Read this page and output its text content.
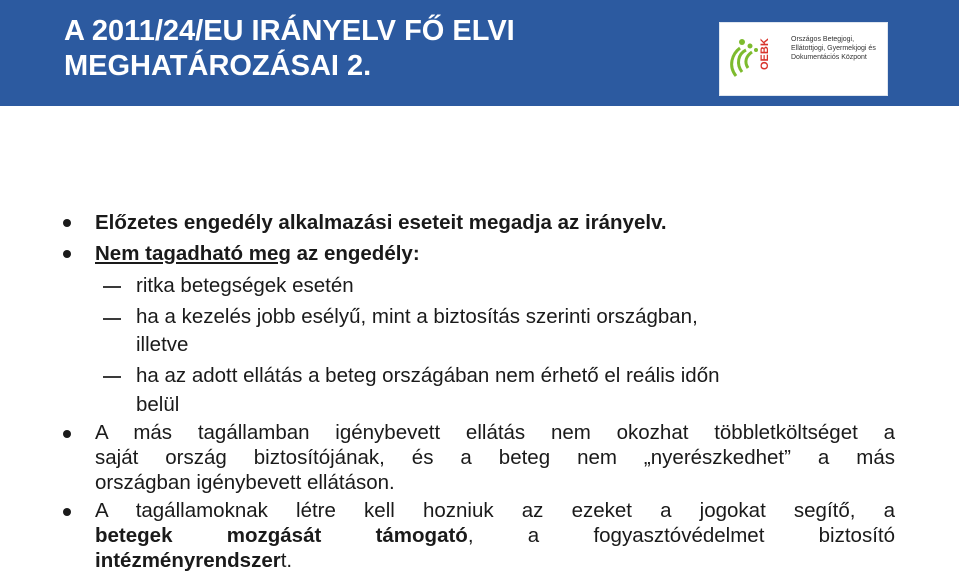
A 2011/24/EU IRÁNYELV FŐ ELVI
MEGHATÁROZÁSAI 2.	OEBK	Országos Betegjogi,
Ellátottjogi, Gyermekjogi és
Dokumentációs Központ
Előzetes engedély alkalmazási eseteit megadja az irányelv.
Nem tagadható meg az engedély:
ritka betegségek esetén
ha a kezelés jobb esélyű, mint a biztosítás szerinti országban,
illetve
ha az adott ellátás a beteg országában nem érhető el reális időn
belül
A más tagállamban igénybevett ellátás nem okozhat többletköltséget a
saját ország biztosítójának, és a beteg nem „nyerészkedhet” a más
országban igénybevett ellátáson.
A tagállamoknak létre kell hozniuk az ezeket a jogokat segítő, a
betegek mozgását támogató, a fogyasztóvédelmet biztosító
intézményrendszert.
